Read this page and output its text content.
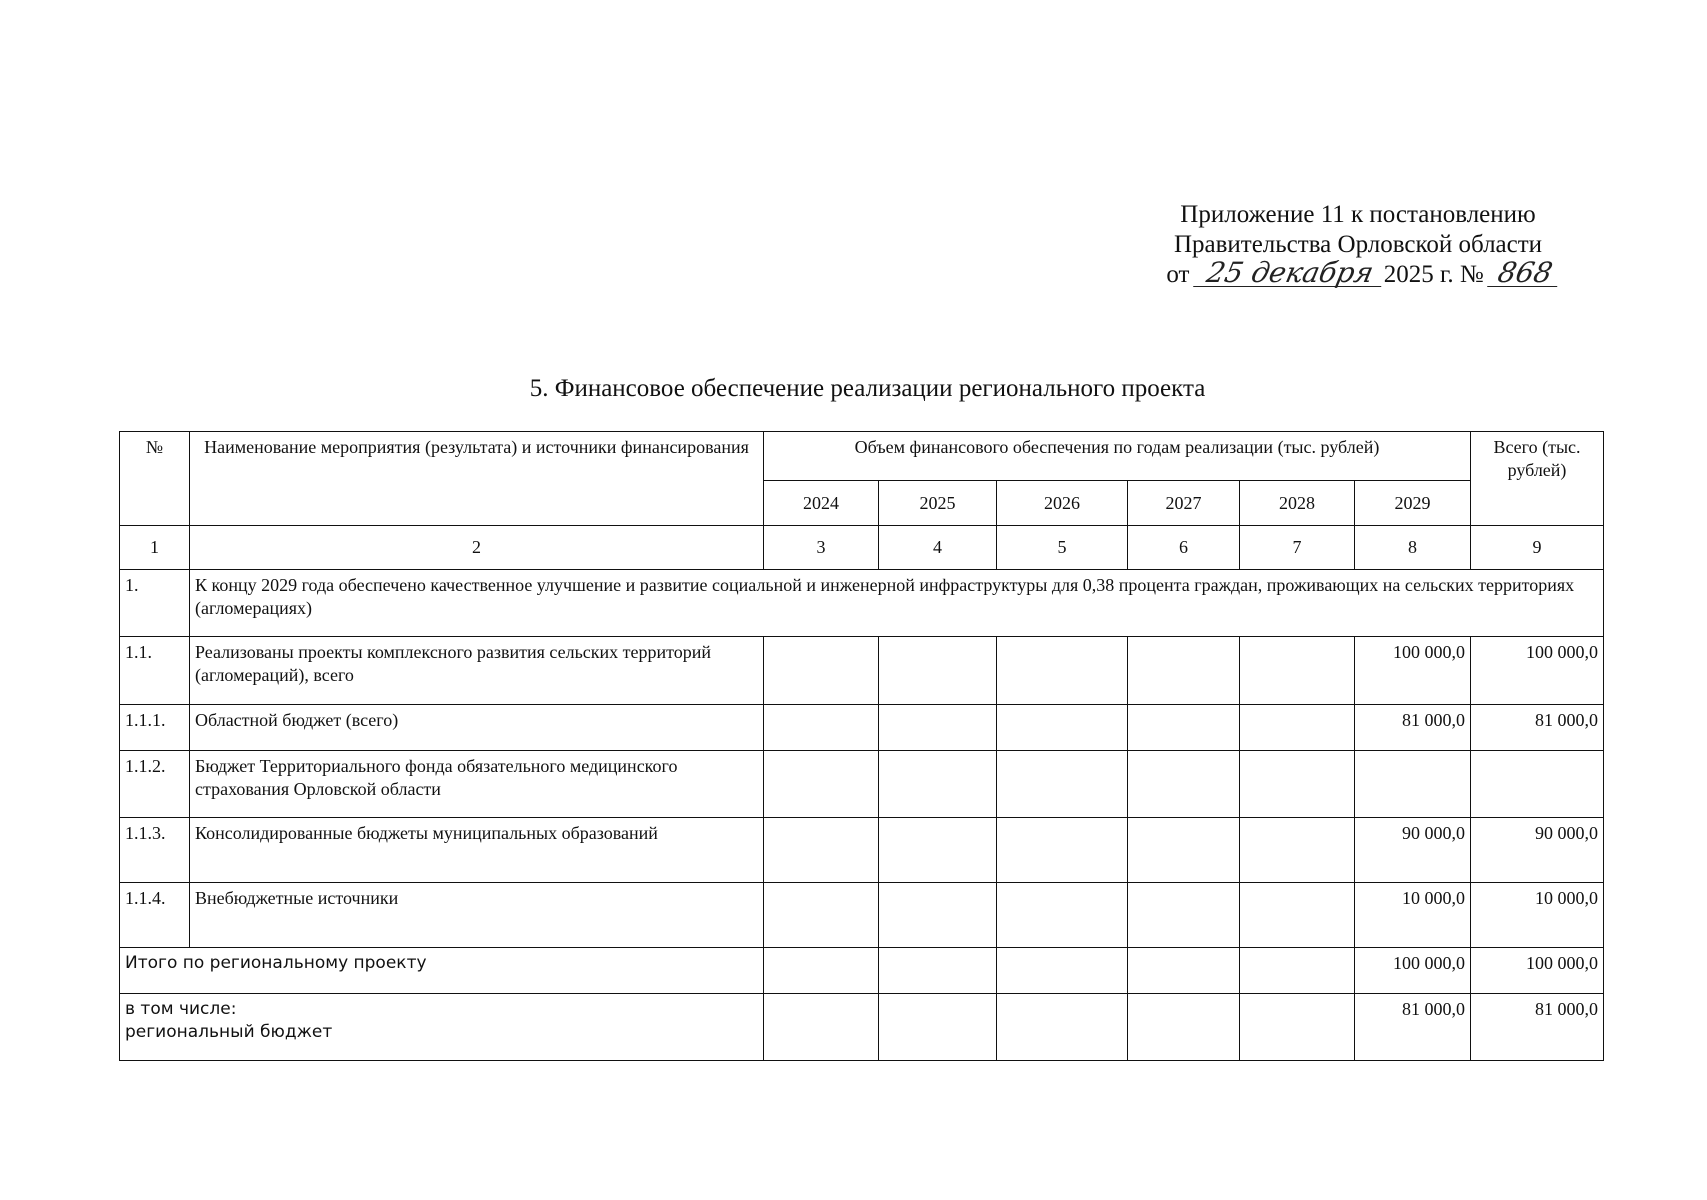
Приложение 11 к постановлению
Правительства Орловской области
от 25 декабря 2025 г. № 868
5. Финансовое обеспечение реализации регионального проекта
№	Наименование мероприятия (результата) и источники финансирования	Объем финансового обеспечения по годам реализации (тыс. рублей)						Всего (тыс. рублей)
		2024	2025	2026	2027	2028	2029	
1	2	3	4	5	6	7	8	9
1.	К концу 2029 года обеспечено качественное улучшение и развитие социальной и инженерной инфраструктуры для 0,38 процента граждан, проживающих на сельских территориях (агломерациях)							
1.1.	Реализованы проекты комплексного развития сельских территорий (агломераций), всего						100 000,0	100 000,0
1.1.1.	Областной бюджет (всего)						81 000,0	81 000,0
1.1.2.	Бюджет Территориального фонда обязательного медицинского страхования Орловской области							
1.1.3.	Консолидированные бюджеты муниципальных образований						90 000,0	90 000,0
1.1.4.	Внебюджетные источники						10 000,0	10 000,0
Итого по региональному проекту							100 000,0	100 000,0

в том числе:
региональный бюджет							81 000,0	81 000,0
